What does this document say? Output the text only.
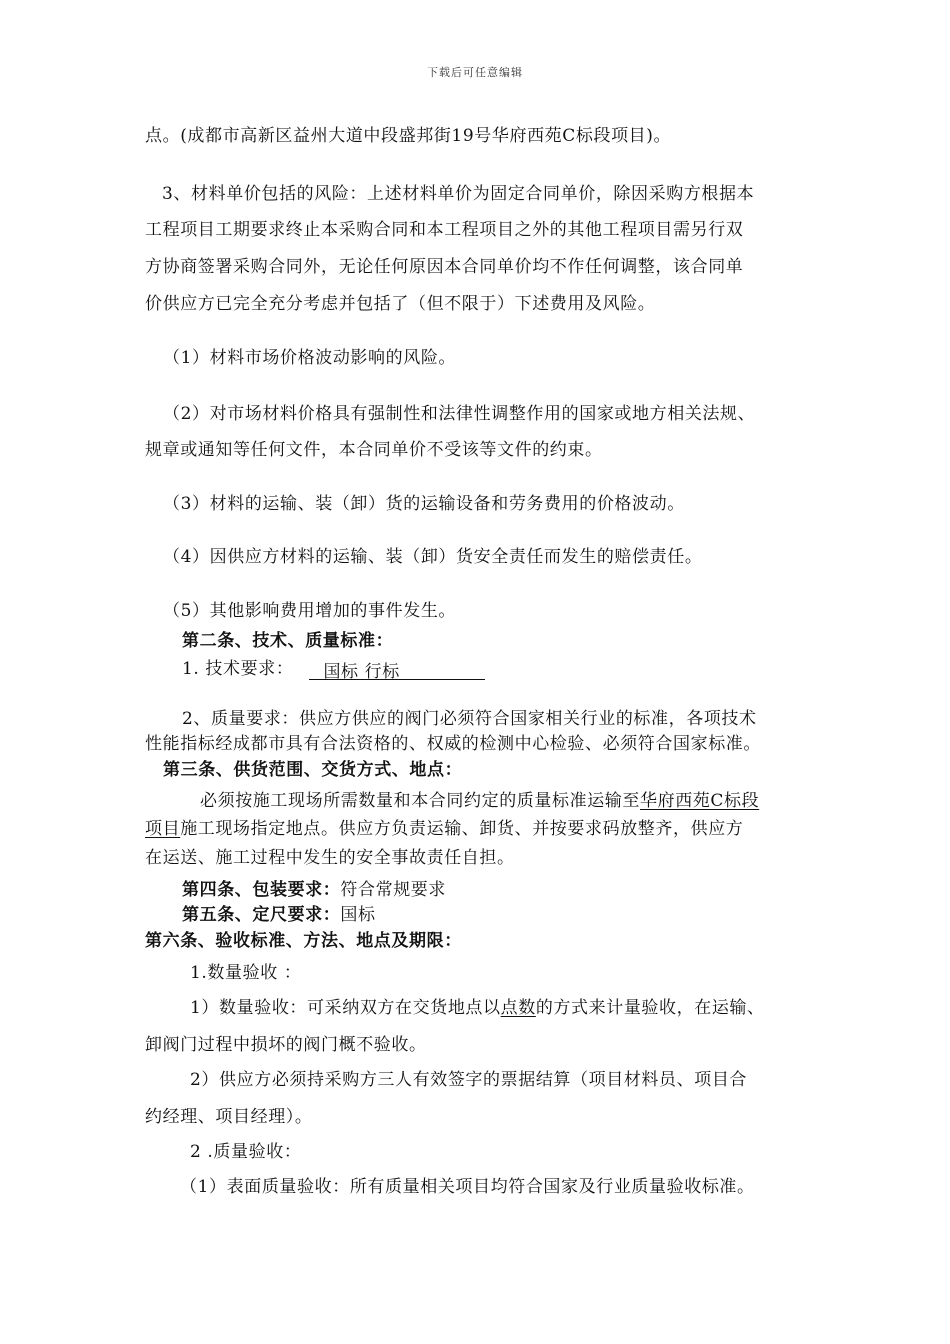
下载后可任意编辑
点。(成都市高新区益州大道中段盛邦街19号华府西苑C标段项目)。
3、材料单价包括的风险：上述材料单价为固定合同单价，除因采购方根据本
工程项目工期要求终止本采购合同和本工程项目之外的其他工程项目需另行双
方协商签署采购合同外，无论任何原因本合同单价均不作任何调整，该合同单
价供应方已完全充分考虑并包括了（但不限于）下述费用及风险。
（1）材料市场价格波动影响的风险。
（2）对市场材料价格具有强制性和法律性调整作用的国家或地方相关法规、
规章或通知等任何文件，本合同单价不受该等文件的约束。
（3）材料的运输、装（卸）货的运输设备和劳务费用的价格波动。
（4）因供应方材料的运输、装（卸）货安全责任而发生的赔偿责任。
（5）其他影响费用增加的事件发生。
第二条、技术、质量标准：
1. 技术要求： 国标 行标
2、质量要求：供应方供应的阀门必须符合国家相关行业的标准，各项技术
性能指标经成都市具有合法资格的、权威的检测中心检验、必须符合国家标准。
第三条、供货范围、交货方式、地点：
必须按施工现场所需数量和本合同约定的质量标准运输至华府西苑C标段
项目施工现场指定地点。供应方负责运输、卸货、并按要求码放整齐，供应方
在运送、施工过程中发生的安全事故责任自担。
第四条、包装要求：符合常规要求
第五条、定尺要求：国标
第六条、验收标准、方法、地点及期限：
1.数量验收 ：
1）数量验收：可采纳双方在交货地点以点数的方式来计量验收，在运输、
卸阀门过程中损坏的阀门概不验收。
2）供应方必须持采购方三人有效签字的票据结算（项目材料员、项目合
约经理、项目经理）。
2 .质量验收：
（1）表面质量验收：所有质量相关项目均符合国家及行业质量验收标准。
